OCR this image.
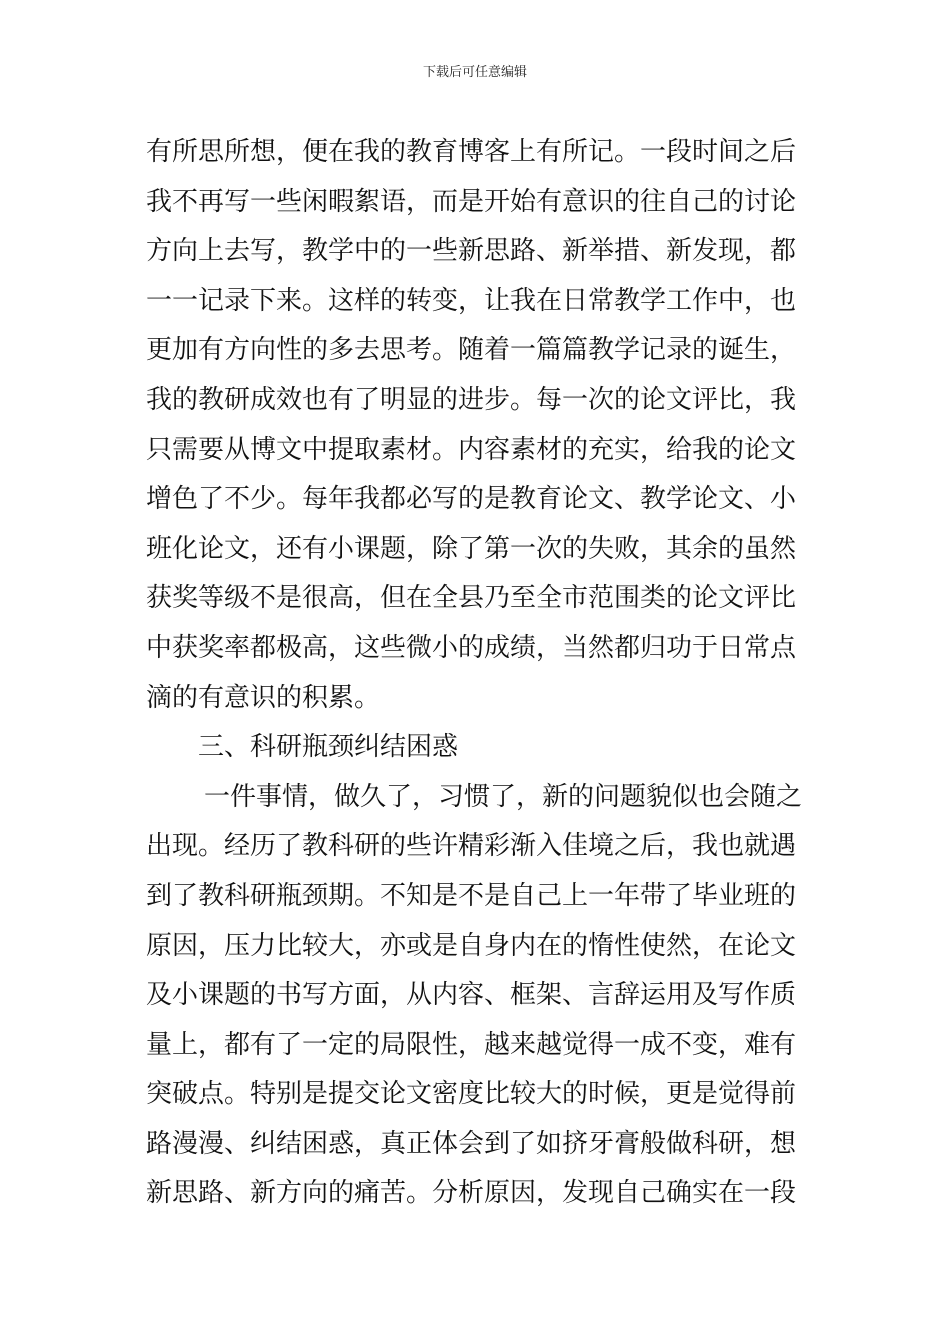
下载后可任意编辑
有所思所想，便在我的教育博客上有所记。一段时间之后
我不再写一些闲暇絮语，而是开始有意识的往自己的讨论
方向上去写，教学中的一些新思路、新举措、新发现，都
一一记录下来。这样的转变，让我在日常教学工作中，也
更加有方向性的多去思考。随着一篇篇教学记录的诞生，
我的教研成效也有了明显的进步。每一次的论文评比，我
只需要从博文中提取素材。内容素材的充实，给我的论文
增色了不少。每年我都必写的是教育论文、教学论文、小
班化论文，还有小课题，除了第一次的失败，其余的虽然
获奖等级不是很高，但在全县乃至全市范围类的论文评比
中获奖率都极高，这些微小的成绩，当然都归功于日常点
滴的有意识的积累。
三、科研瓶颈纠结困惑
一件事情，做久了，习惯了，新的问题貌似也会随之
出现。经历了教科研的些许精彩渐入佳境之后，我也就遇
到了教科研瓶颈期。不知是不是自己上一年带了毕业班的
原因，压力比较大，亦或是自身内在的惰性使然，在论文
及小课题的书写方面，从内容、框架、言辞运用及写作质
量上，都有了一定的局限性，越来越觉得一成不变，难有
突破点。特别是提交论文密度比较大的时候，更是觉得前
路漫漫、纠结困惑，真正体会到了如挤牙膏般做科研，想
新思路、新方向的痛苦。分析原因，发现自己确实在一段
